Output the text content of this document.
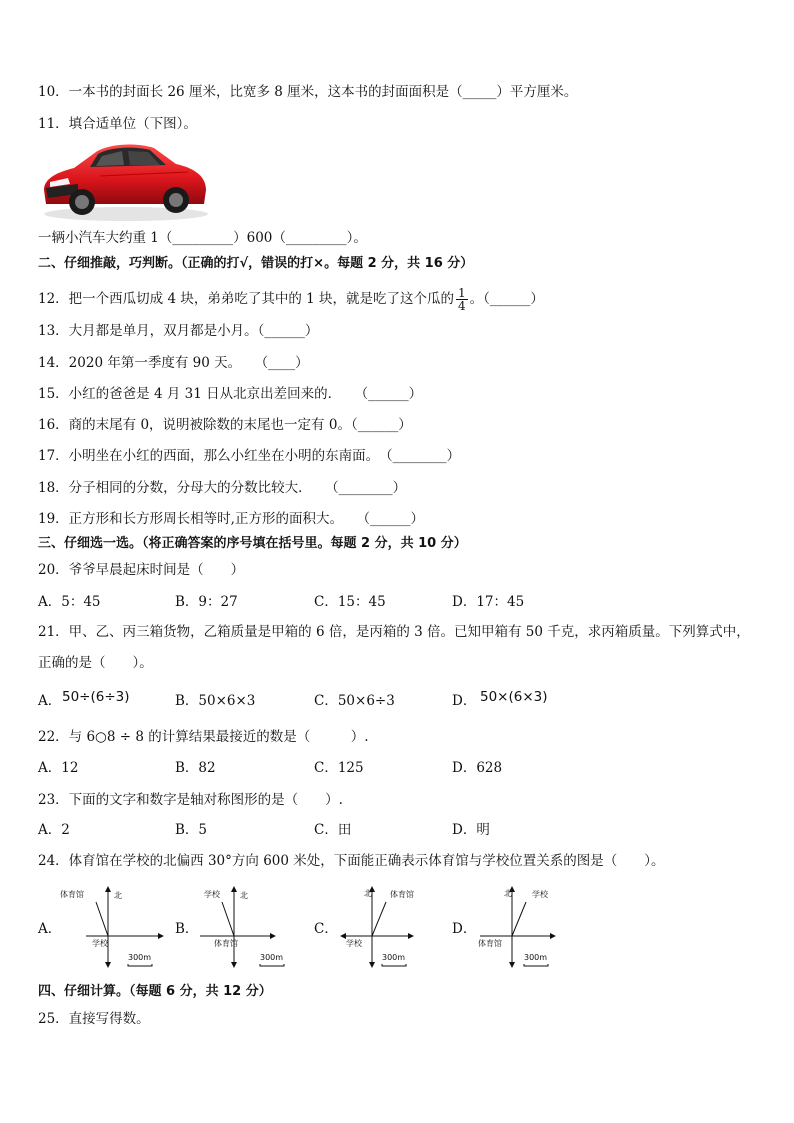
10．一本书的封面长 26 厘米，比宽多 8 厘米，这本书的封面面积是（_____）平方厘米。
11．填合适单位（下图）。
一辆小汽车大约重 1（_________）600（_________）。
二、仔细推敲，巧判断。（正确的打√，错误的打×。每题 2 分，共 16 分）
12．把一个西瓜切成 4 块，弟弟吃了其中的 1 块，就是吃了这个瓜的 $\frac{1}{4}$ 。（______）
13．大月都是单月，双月都是小月。（______）
14．2020 年第一季度有 90 天。　　（____）
15．小红的爸爸是 4 月 31 日从北京出差回来的．　　（______）
16．商的末尾有 0，说明被除数的末尾也一定有 0。（______）
17．小明坐在小红的西面，那么小红坐在小明的东南面。　（________）
18．分子相同的分数，分母大的分数比较大．　　（________）
19．正方形和长方形周长相等时,正方形的面积大。　　（______）
三、仔细选一选。（将正确答案的序号填在括号里。每题 2 分，共 10 分）
20．爷爷早晨起床时间是（　　）
A．5：45	B．9：27	C．15：45	D．17：45
21．甲、乙、丙三箱货物，乙箱质量是甲箱的 6 倍，是丙箱的 3 倍。已知甲箱有 50 千克，求丙箱质量。下列算式中，
正确的是（　　）。
A． 50÷(6÷3)	B．50×6×3	C．50×6÷3	D． 50×(6×3)
22．与 6○8 ÷ 8 的计算结果最接近的数是（　　　）.
A．12	B．82	C．125	D．628
23．下面的文字和数字是轴对称图形的是（　　）.
A．2	B．5	C．田	D．明
24．体育馆在学校的北偏西 30°方向 600 米处，下面能正确表示体育馆与学校位置关系的图是（　　）。
A．	B．	C．	D．
北
体育馆
学校
300m
北
学校
体育馆
300m
北 体育馆
学校
300m
北	学校
体育馆
300m
四、仔细计算。（每题 6 分，共 12 分）
25．直接写得数。
